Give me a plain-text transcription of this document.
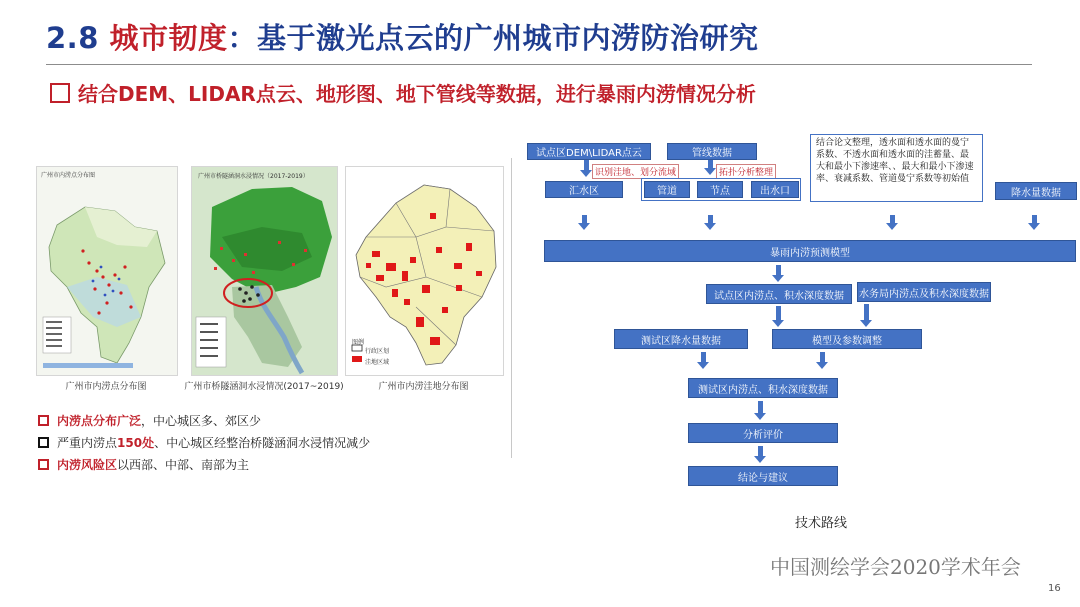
2.8 城市韧度：基于激光点云的广州城市内涝防治研究
结合DEM、LIDAR点云、地形图、地下管线等数据，进行暴雨内涝情况分析
广州市内涝点分布图
广州市内涝点分布图
广州市桥隧涵洞水浸情况（2017-2019）
广州市桥隧涵洞水浸情况(2017~2019)
图例
行政区划
洼地区域
广州市内涝洼地分布图
内涝点分布广泛 ，中心城区多、郊区少
严重内涝点 150处 、中心城区经整治桥隧涵洞水浸情况减少
内涝风险区 以西部、中部、南部为主
试点区DEM\LIDAR点云	管线数据
结合论文整理，透水面和透水面的曼宁系数、不透水面和透水面的洼蓄量、最大和最小下渗速率、、最大和最小下渗速率、衰减系数、管道曼宁系数等初始值
识别洼地、划分流域	拓扑分析整理
汇水区	管道	节点	出水口	降水量数据
暴雨内涝预测模型
试点区内涝点、积水深度数据	水务局内涝点及积水深度数据
测试区降水量数据	模型及参数调整
测试区内涝点、积水深度数据
分析评价
结论与建议
技术路线
中国测绘学会2020学术年会
16
